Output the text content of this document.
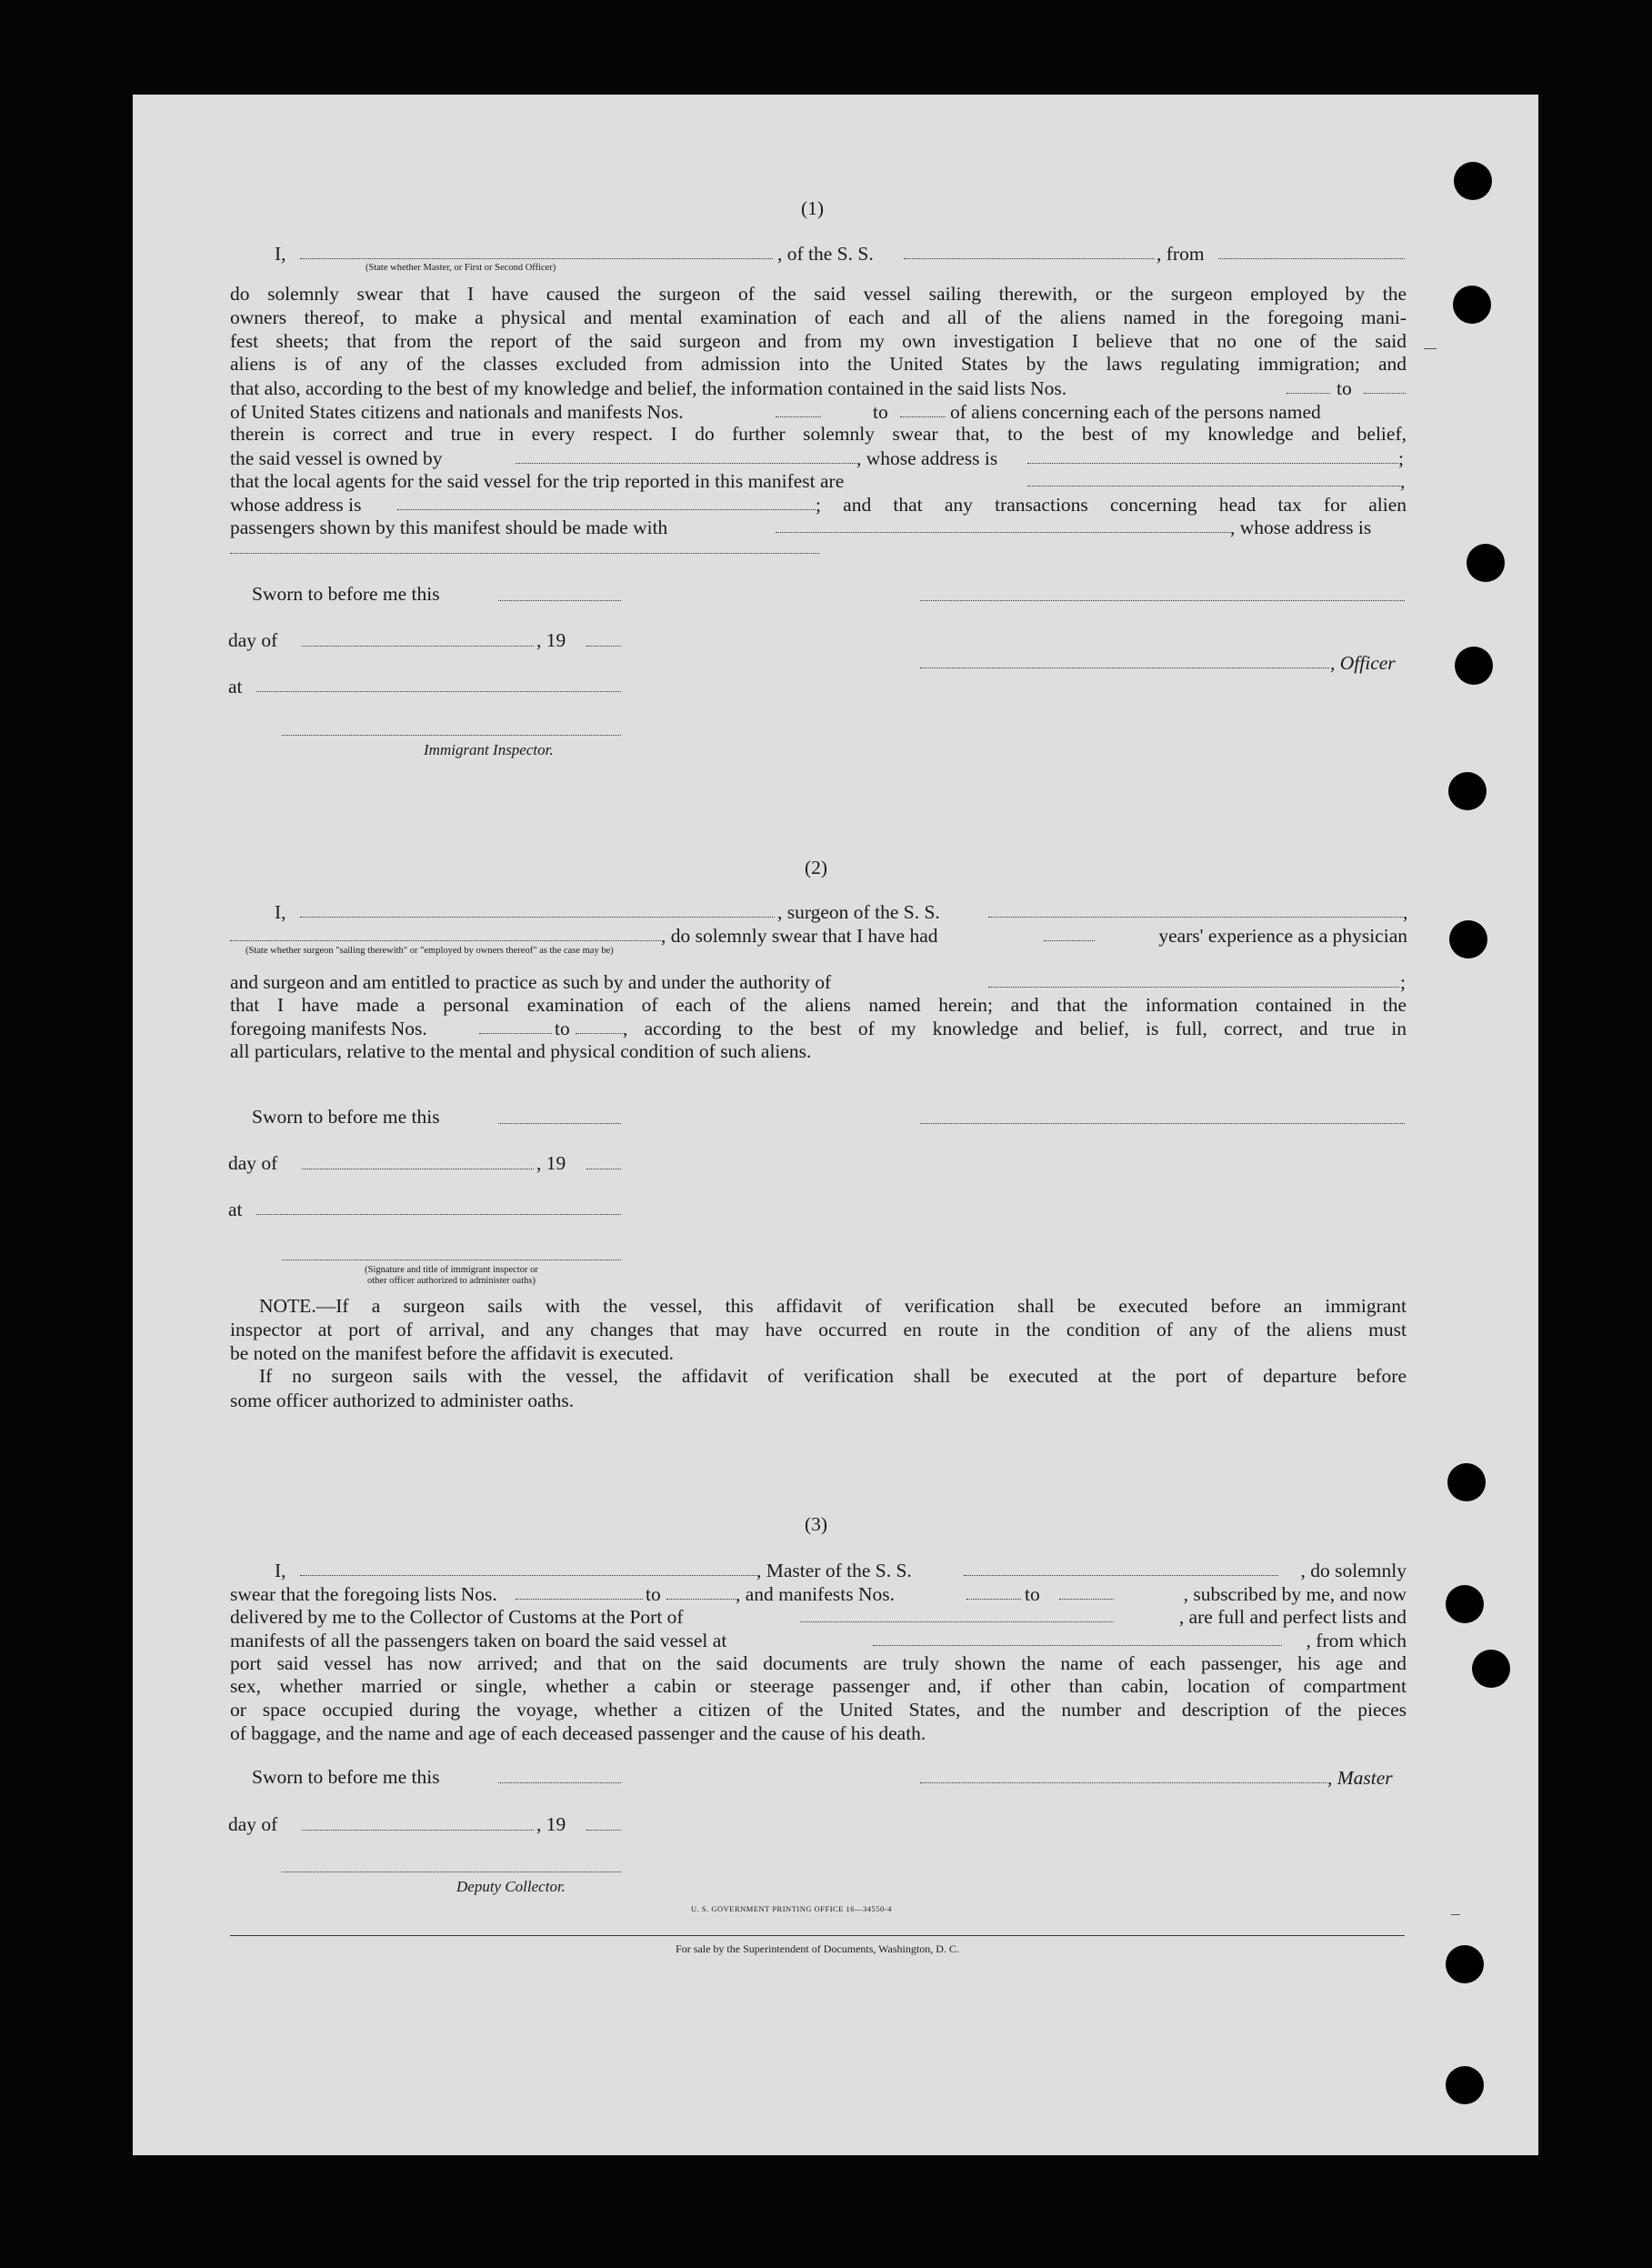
(1)
I,	, of the S. S.	, from
(State whether Master, or First or Second Officer)
do solemnly swear that I have caused the surgeon of the said vessel sailing therewith, or the surgeon employed by the
owners thereof, to make a physical and mental examination of each and all of the aliens named in the foregoing mani-
fest sheets; that from the report of the said surgeon and from my own investigation I believe that no one of the said
aliens is of any of the classes excluded from admission into the United States by the laws regulating immigration; and
that also, according to the best of my knowledge and belief, the information contained in the said lists Nos.	to
of United States citizens and nationals and manifests Nos.	to	of aliens concerning each of the persons named
therein is correct and true in every respect. I do further solemnly swear that, to the best of my knowledge and belief,
the said vessel is owned by	, whose address is	;
that the local agents for the said vessel for the trip reported in this manifest are	,
whose address is	; and that any transactions concerning head tax for alien
passengers shown by this manifest should be made with	, whose address is
Sworn to before me this
day of	, 19
at
, Officer
Immigrant Inspector.
(2)
I,	, surgeon of the S. S.	,
, do solemnly swear that I have had	years' experience as a physician
(State whether surgeon "sailing therewith" or "employed by owners thereof" as the case may be)
and surgeon and am entitled to practice as such by and under the authority of	;
that I have made a personal examination of each of the aliens named herein; and that the information contained in the
foregoing manifests Nos.	to	, according to the best of my knowledge and belief, is full, correct, and true in
all particulars, relative to the mental and physical condition of such aliens.
Sworn to before me this
day of	, 19
at
(Signature and title of immigrant inspector or
other officer authorized to administer oaths)
NOTE.—If a surgeon sails with the vessel, this affidavit of verification shall be executed before an immigrant
inspector at port of arrival, and any changes that may have occurred en route in the condition of any of the aliens must
be noted on the manifest before the affidavit is executed.
If no surgeon sails with the vessel, the affidavit of verification shall be executed at the port of departure before
some officer authorized to administer oaths.
(3)
I,	, Master of the S. S.	, do solemnly
swear that the foregoing lists Nos.	to	, and manifests Nos.	to	, subscribed by me, and now
delivered by me to the Collector of Customs at the Port of	, are full and perfect lists and
manifests of all the passengers taken on board the said vessel at	, from which
port said vessel has now arrived; and that on the said documents are truly shown the name of each passenger, his age and
sex, whether married or single, whether a cabin or steerage passenger and, if other than cabin, location of compartment
or space occupied during the voyage, whether a citizen of the United States, and the number and description of the pieces
of baggage, and the name and age of each deceased passenger and the cause of his death.
Sworn to before me this	, Master
day of	, 19
Deputy Collector.
U. S. GOVERNMENT PRINTING OFFICE 16—34550-4
For sale by the Superintendent of Documents, Washington, D. C.
